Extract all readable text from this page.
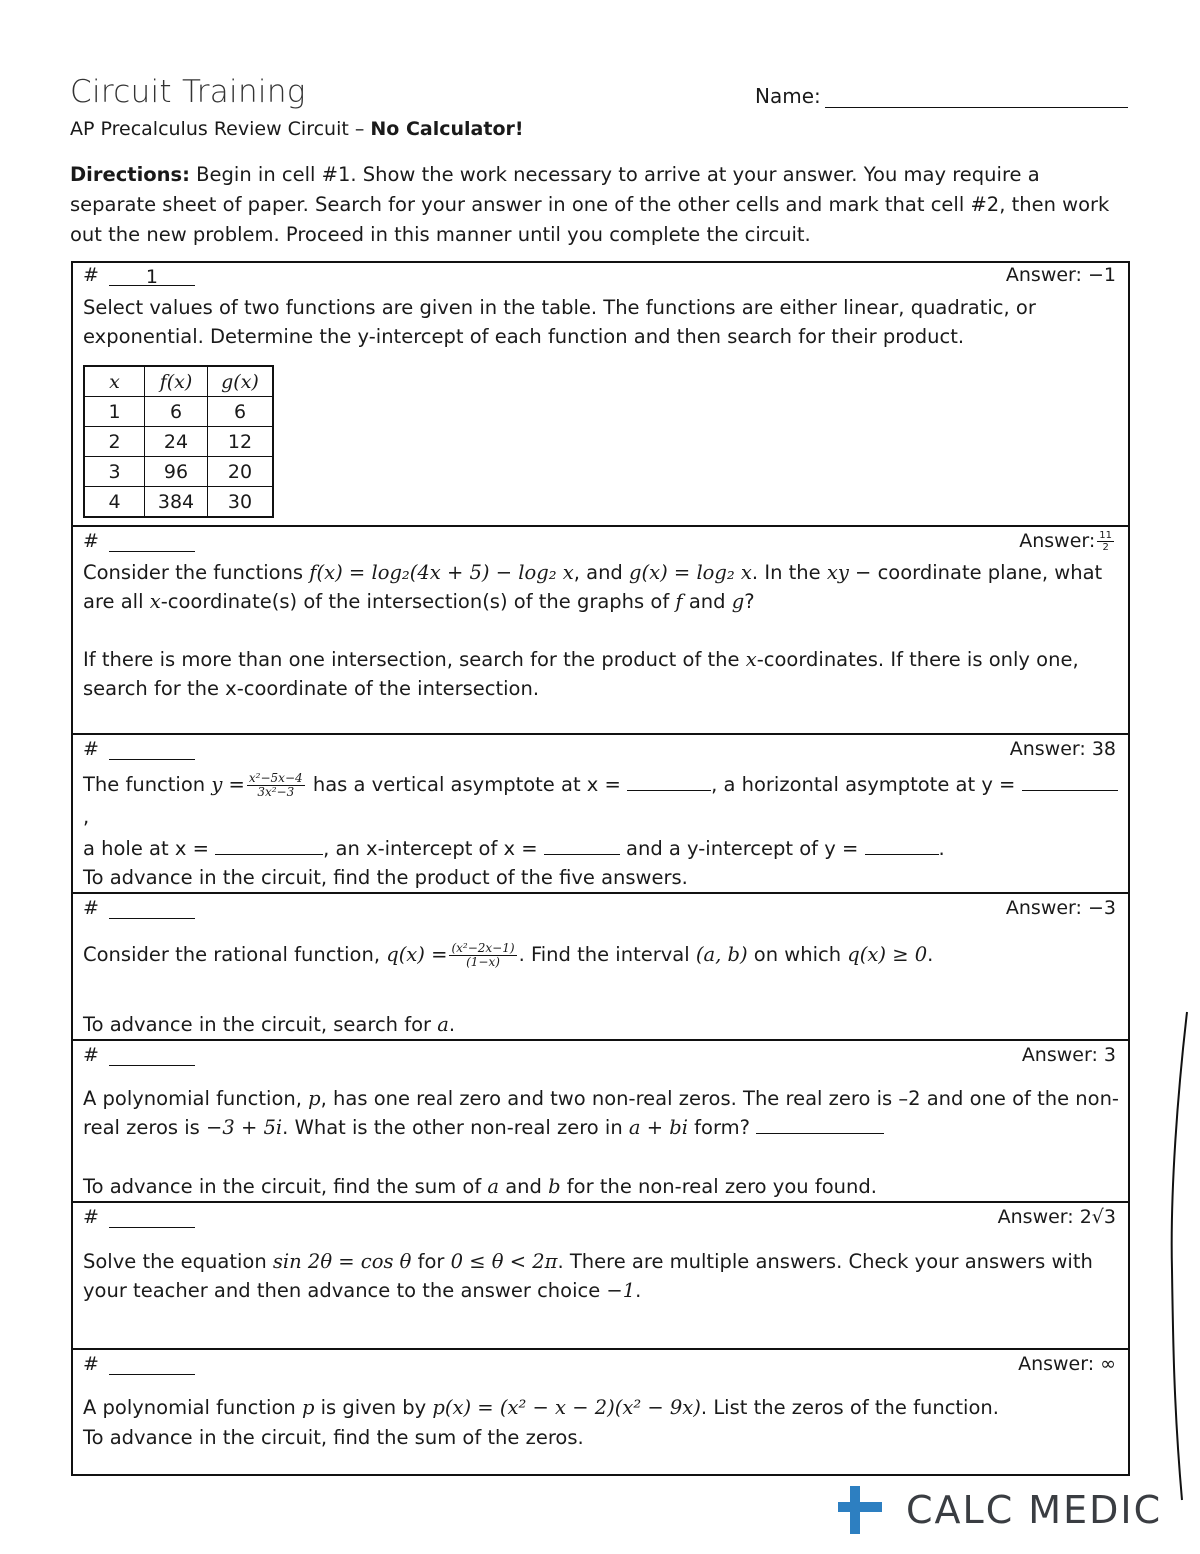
Circuit Training	Name:
AP Precalculus Review Circuit – No Calculator!
Directions: Begin in cell #1. Show the work necessary to arrive at your answer. You may require a separate sheet of paper. Search for your answer in one of the other cells and mark that cell #2, then work out the new problem. Proceed in this manner until you complete the circuit.
# 1	Answer: −1
Select values of two functions are given in the table. The functions are either linear, quadratic, or exponential. Determine the y-intercept of each function and then search for their product.
x	f(x)	g(x)
1	6	6
2	24	12
3	96	20
4	384	30
#	Answer: $\frac{11}{2}$
Consider the functions f(x) = log₂(4x + 5) − log₂ x, and g(x) = log₂ x. In the xy − coordinate plane, what are all x-coordinate(s) of the intersection(s) of the graphs of f and g?
If there is more than one intersection, search for the product of the x-coordinates. If there is only one, search for the x-coordinate of the intersection.
#	Answer: 38
The function $y = \frac{\text{x²−5x−4}}{\text{3x²−3}}$ has a vertical asymptote at x =	, a horizontal asymptote at y = ,
a hole at x =	, an x-intercept of x =	and a y-intercept of y =	.
To advance in the circuit, find the product of the five answers.
#	Answer: −3
Consider the rational function, $q(x) = \frac{\text{(x²−2x−1)}}{(1-x)}$ . Find the interval (a, b) on which q(x) ≥ 0.
To advance in the circuit, search for a.
#	Answer: 3
A polynomial function, p, has one real zero and two non-real zeros. The real zero is –2 and one of the non-real zeros is −3 + 5i. What is the other non-real zero in a + bi form?
To advance in the circuit, find the sum of a and b for the non-real zero you found.
#	Answer: 2√3
Solve the equation sin 2θ = cos θ for 0 ≤ θ < 2π. There are multiple answers. Check your answers with your teacher and then advance to the answer choice −1.
#	Answer: ∞
A polynomial function p is given by p(x) = (x² − x − 2)(x² − 9x). List the zeros of the function.
To advance in the circuit, find the sum of the zeros.
CALC MEDIC
